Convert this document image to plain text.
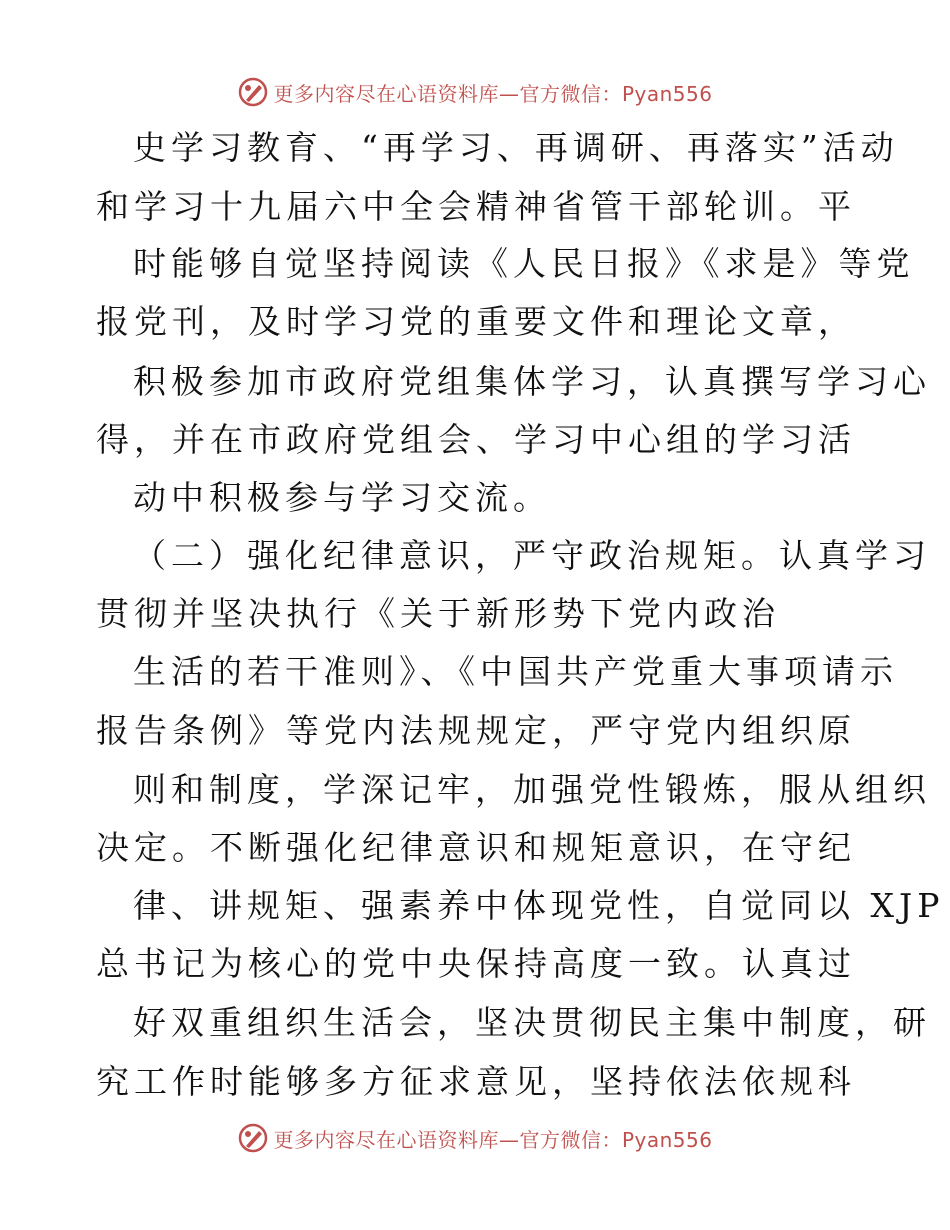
更多内容尽在心语资料库—官方微信：Pyan556
史学习教育、“再学习、再调研、再落实”活动
和学习十九届六中全会精神省管干部轮训。平
时能够自觉坚持阅读《人民日报》《求是》等党
报党刊，及时学习党的重要文件和理论文章，
积极参加市政府党组集体学习，认真撰写学习心
得，并在市政府党组会、学习中心组的学习活
动中积极参与学习交流。
（二）强化纪律意识，严守政治规矩。认真学习
贯彻并坚决执行《关于新形势下党内政治
生活的若干准则》、《中国共产党重大事项请示
报告条例》等党内法规规定，严守党内组织原
则和制度，学深记牢，加强党性锻炼，服从组织
决定。不断强化纪律意识和规矩意识，在守纪
律、讲规矩、强素养中体现党性，自觉同以 XJP
总书记为核心的党中央保持高度一致。认真过
好双重组织生活会，坚决贯彻民主集中制度，研
究工作时能够多方征求意见，坚持依法依规科
更多内容尽在心语资料库—官方微信：Pyan556
